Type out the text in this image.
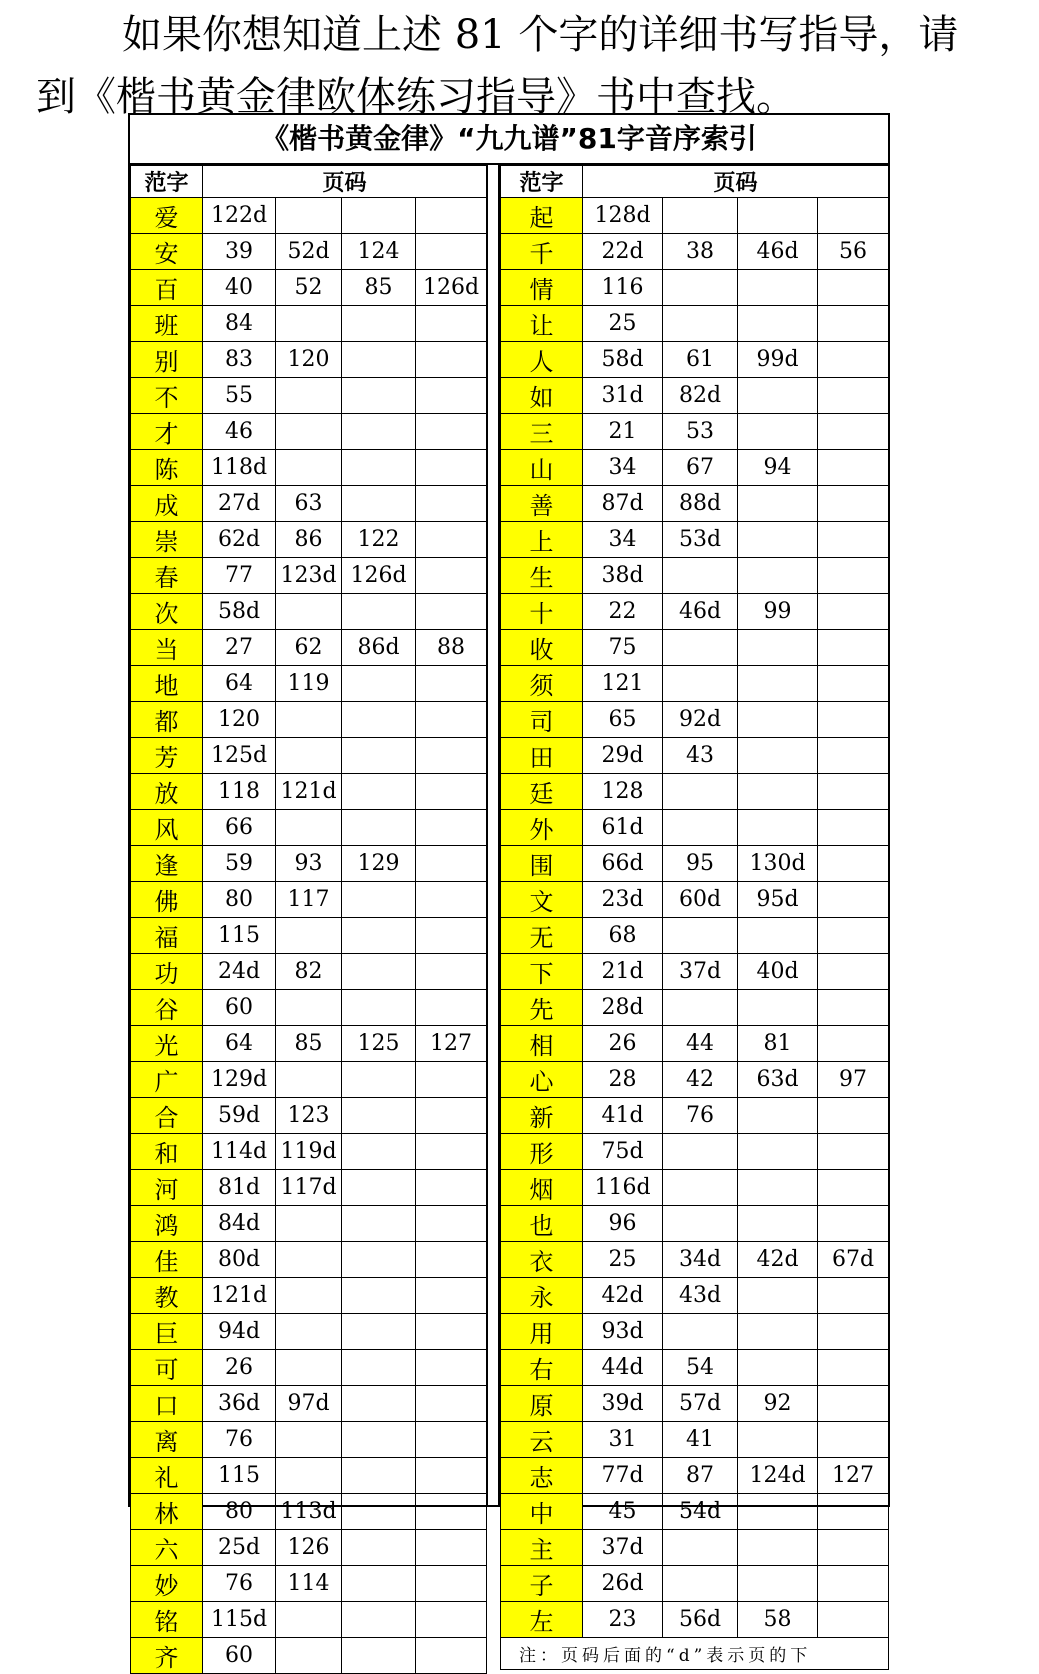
如果你想知道上述 81 个字的详细书写指导，请
到《楷书黄金律欧体练习指导》书中查找。

《楷书黄金律》“九九谱”81字音序索引
范字	页码			
爱	122d			
安	39	52d	124	
百	40	52	85	126d
班	84			
别	83	120		
不	55			
才	46			
陈	118d			
成	27d	63		
崇	62d	86	122	
春	77	123d	126d	
次	58d			
当	27	62	86d	88
地	64	119		
都	120			
芳	125d			
放	118	121d		
风	66			
逢	59	93	129	
佛	80	117		
福	115			
功	24d	82		
谷	60			
光	64	85	125	127
广	129d			
合	59d	123		
和	114d	119d		
河	81d	117d		
鸿	84d			
佳	80d			
教	121d			
巨	94d			
可	26			
口	36d	97d		
离	76			
礼	115			
林	80	113d		
六	25d	126		
妙	76	114		
铭	115d			
齐	60			
范字	页码			
起	128d			
千	22d	38	46d	56
情	116			
让	25			
人	58d	61	99d	
如	31d	82d		
三	21	53		
山	34	67	94	
善	87d	88d		
上	34	53d		
生	38d			
十	22	46d	99	
收	75			
须	121			
司	65	92d		
田	29d	43		
廷	128			
外	61d			
围	66d	95	130d	
文	23d	60d	95d	
无	68			
下	21d	37d	40d	
先	28d			
相	26	44	81	
心	28	42	63d	97
新	41d	76		
形	75d			
烟	116d			
也	96			
衣	25	34d	42d	67d
永	42d	43d		
用	93d			
右	44d	54		
原	39d	57d	92	
云	31	41		
志	77d	87	124d	127
中	45	54d		
主	37d			
子	26d			
左	23	56d	58	
注：页码后面的“d”表示页的下				
